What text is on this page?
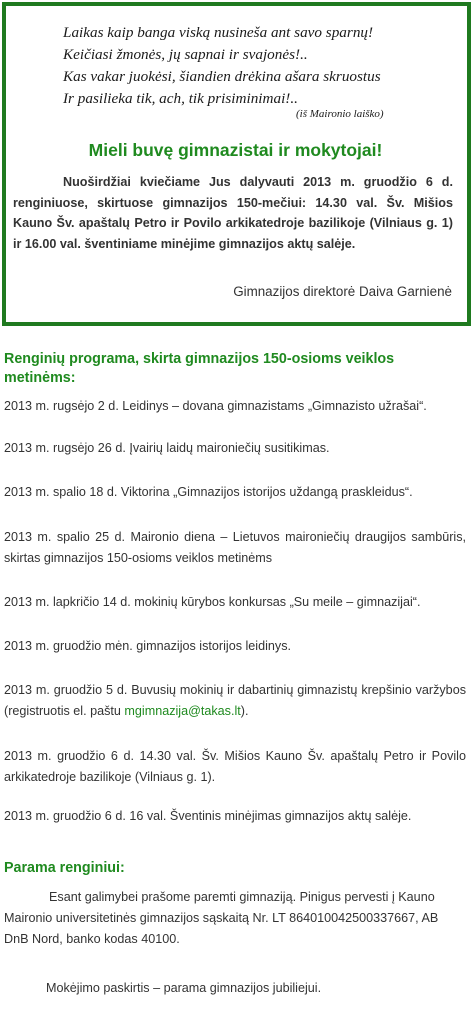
Laikas kaip banga viską nusineša ant savo sparnų!
Keičiasi žmonės, jų sapnai ir svajonės!..
Kas vakar juokėsi, šiandien drėkina ašara skruostus
Ir pasilieka tik, ach, tik prisiminimai!..
(iš Maironio laiško)
Mieli buvę gimnazistai ir mokytojai!
Nuoširdžiai kviečiame Jus dalyvauti 2013 m. gruodžio 6 d. renginiuose, skirtuose gimnazijos 150-mečiui: 14.30 val. Šv. Mišios Kauno Šv. apaštalų Petro ir Povilo arkikatedroje bazilikoje (Vilniaus g. 1) ir 16.00 val. šventiniame minėjime gimnazijos aktų salėje.
Gimnazijos direktorė Daiva Garnienė
Renginių programa, skirta gimnazijos 150-osioms veiklos metinėms:
2013 m. rugsėjo 2 d. Leidinys – dovana gimnazistams „Gimnazisto užrašai“.
2013 m. rugsėjo 26 d. Įvairių laidų maironiečių susitikimas.
2013 m. spalio 18 d. Viktorina „Gimnazijos istorijos uždangą praskleidus“.
2013 m. spalio 25 d. Maironio diena – Lietuvos maironiečių draugijos sambūris, skirtas gimnazijos 150-osioms veiklos metinėms
2013 m. lapkričio 14 d. mokinių kūrybos konkursas „Su meile – gimnazijai“.
2013 m. gruodžio mėn. gimnazijos istorijos leidinys.
2013 m. gruodžio 5 d. Buvusių mokinių ir dabartinių gimnazistų krepšinio varžybos (registruotis el. paštu mgimnazija@takas.lt).
2013 m. gruodžio 6 d. 14.30 val. Šv. Mišios Kauno Šv. apaštalų Petro ir Povilo arkikatedroje bazilikoje (Vilniaus g. 1).
2013 m. gruodžio 6 d. 16 val. Šventinis minėjimas gimnazijos aktų salėje.
Parama renginiui:

Esant galimybei prašome paremti gimnaziją. Pinigus pervesti į Kauno Maironio universitetinės gimnazijos sąskaitą Nr. LT 864010042500337667, AB DnB Nord, banko kodas 40100.

Mokėjimo paskirtis – parama gimnazijos jubiliejui.
